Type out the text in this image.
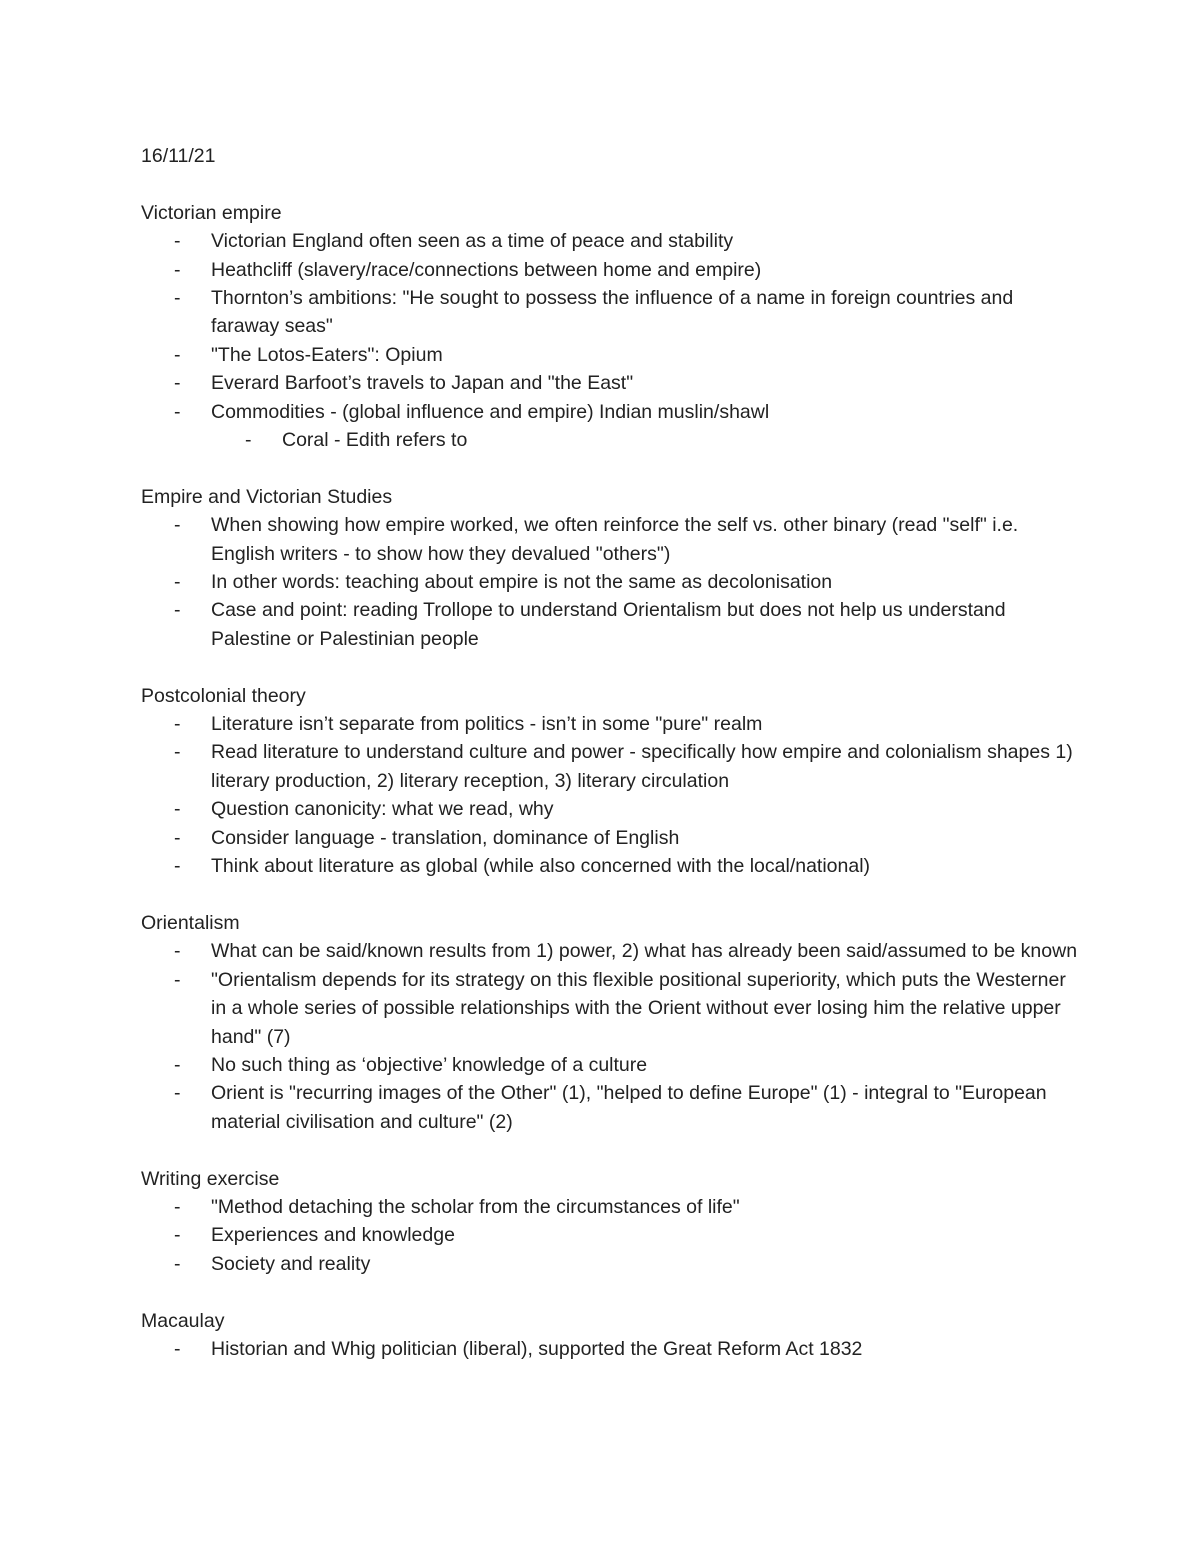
16/11/21

Victorian empire

- Victorian England often seen as a time of peace and stability
- Heathcliff (slavery/race/connections between home and empire)
- Thornton’s ambitions: "He sought to possess the influence of a name in foreign countries and faraway seas"
- "The Lotos-Eaters": Opium
- Everard Barfoot’s travels to Japan and "the East"
- Commodities - (global influence and empire) Indian muslin/shawl
- Coral - Edith refers to

Empire and Victorian Studies

- When showing how empire worked, we often reinforce the self vs. other binary (read "self" i.e. English writers - to show how they devalued "others")
- In other words: teaching about empire is not the same as decolonisation
- Case and point: reading Trollope to understand Orientalism but does not help us understand Palestine or Palestinian people

Postcolonial theory

- Literature isn’t separate from politics - isn’t in some "pure" realm
- Read literature to understand culture and power - specifically how empire and colonialism shapes 1) literary production, 2) literary reception, 3) literary circulation
- Question canonicity: what we read, why
- Consider language - translation, dominance of English
- Think about literature as global (while also concerned with the local/national)

Orientalism

- What can be said/known results from 1) power, 2) what has already been said/assumed to be known
- "Orientalism depends for its strategy on this flexible positional superiority, which puts the Westerner in a whole series of possible relationships with the Orient without ever losing him the relative upper hand" (7)
- No such thing as ‘objective’ knowledge of a culture
- Orient is "recurring images of the Other" (1), "helped to define Europe" (1) - integral to "European material civilisation and culture" (2)

Writing exercise

- "Method detaching the scholar from the circumstances of life"
- Experiences and knowledge
- Society and reality

Macaulay

- Historian and Whig politician (liberal), supported the Great Reform Act 1832
